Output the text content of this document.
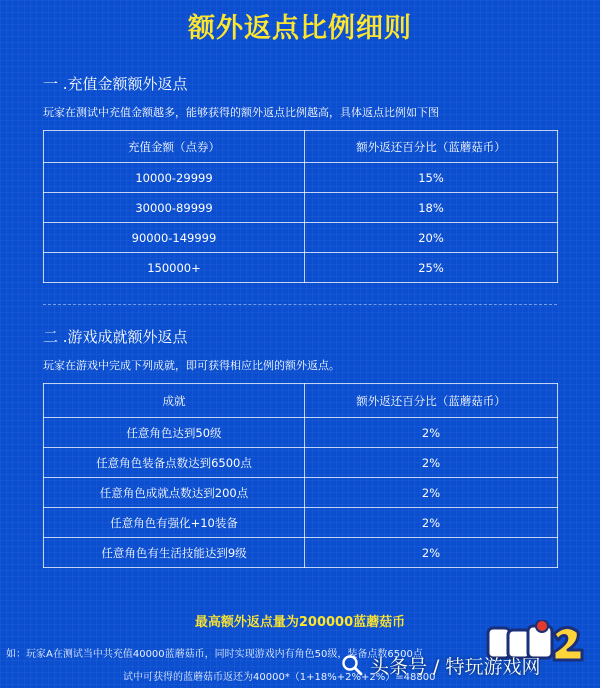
额外返点比例细则
一 .充值金额额外返点
玩家在测试中充值金额越多，能够获得的额外返点比例越高，具体返点比例如下图
充值金额（点券）	额外返还百分比（蓝蘑菇币）
10000-29999	15%
30000-89999	18%
90000-149999	20%
150000+	25%
二 .游戏成就额外返点
玩家在游戏中完成下列成就，即可获得相应比例的额外返点。
成就	额外返还百分比（蓝蘑菇币）
任意角色达到50级	2%
任意角色装备点数达到6500点	2%
任意角色成就点数达到200点	2%
任意角色有强化+10装备	2%
任意角色有生活技能达到9级	2%
最高额外返点量为200000蓝蘑菇币
如：玩家A在测试当中共充值40000蓝蘑菇币，同时实现游戏内有角色50级，装备点数6500点
试中可获得的蓝蘑菇币返还为40000*（1+18%+2%+2%）=48800
头条号 / 特玩游戏网
